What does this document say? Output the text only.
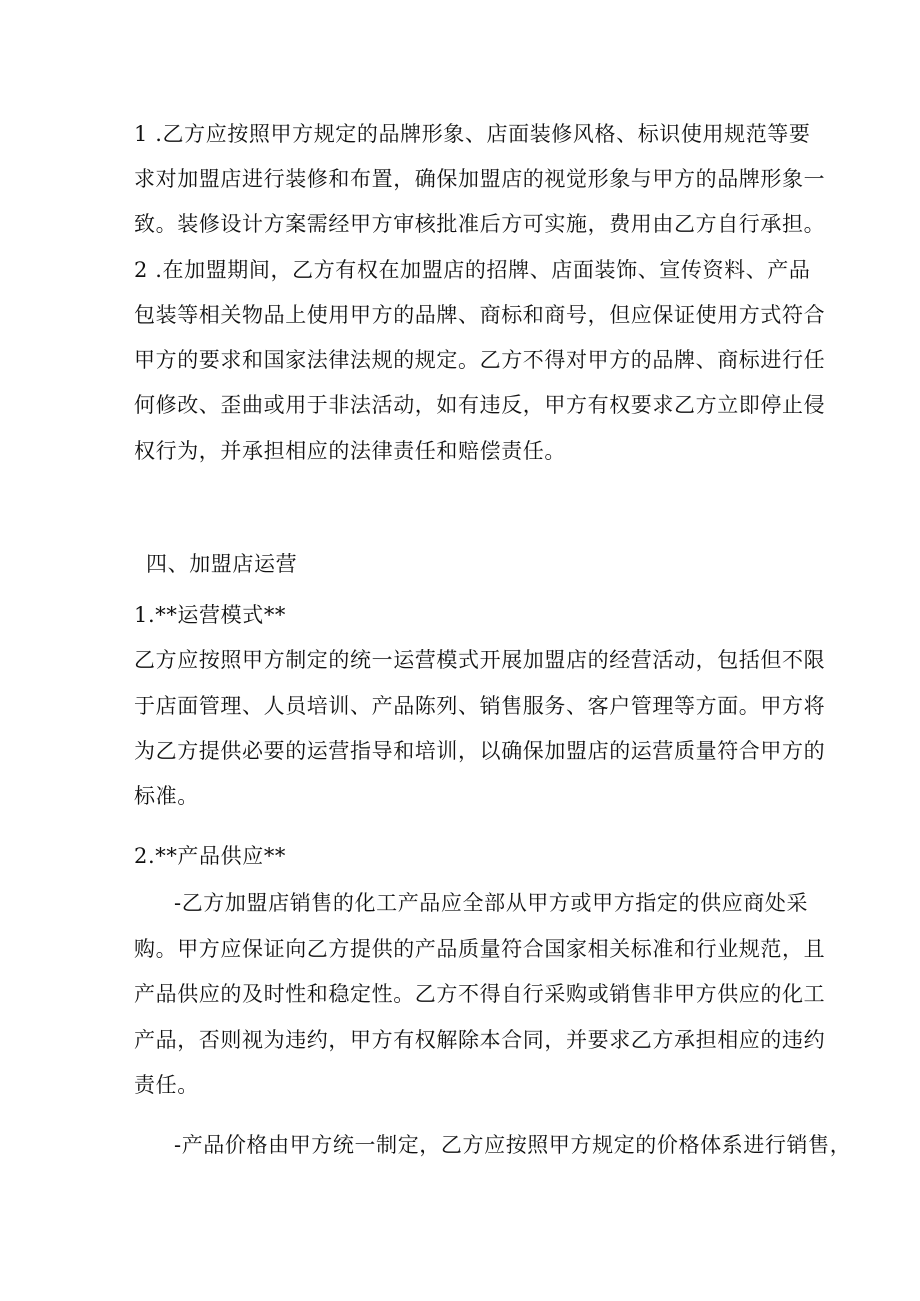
1 .乙方应按照甲方规定的品牌形象、店面装修风格、标识使用规范等要
求对加盟店进行装修和布置，确保加盟店的视觉形象与甲方的品牌形象一
致。装修设计方案需经甲方审核批准后方可实施，费用由乙方自行承担。
2 .在加盟期间，乙方有权在加盟店的招牌、店面装饰、宣传资料、产品
包装等相关物品上使用甲方的品牌、商标和商号，但应保证使用方式符合
甲方的要求和国家法律法规的规定。乙方不得对甲方的品牌、商标进行任
何修改、歪曲或用于非法活动，如有违反，甲方有权要求乙方立即停止侵
权行为，并承担相应的法律责任和赔偿责任。
四、加盟店运营
1.**运营模式**
乙方应按照甲方制定的统一运营模式开展加盟店的经营活动，包括但不限
于店面管理、人员培训、产品陈列、销售服务、客户管理等方面。甲方将
为乙方提供必要的运营指导和培训，以确保加盟店的运营质量符合甲方的
标准。
2.**产品供应**
-乙方加盟店销售的化工产品应全部从甲方或甲方指定的供应商处采
购。甲方应保证向乙方提供的产品质量符合国家相关标准和行业规范，且
产品供应的及时性和稳定性。乙方不得自行采购或销售非甲方供应的化工
产品，否则视为违约，甲方有权解除本合同，并要求乙方承担相应的违约
责任。
-产品价格由甲方统一制定，乙方应按照甲方规定的价格体系进行销售，
